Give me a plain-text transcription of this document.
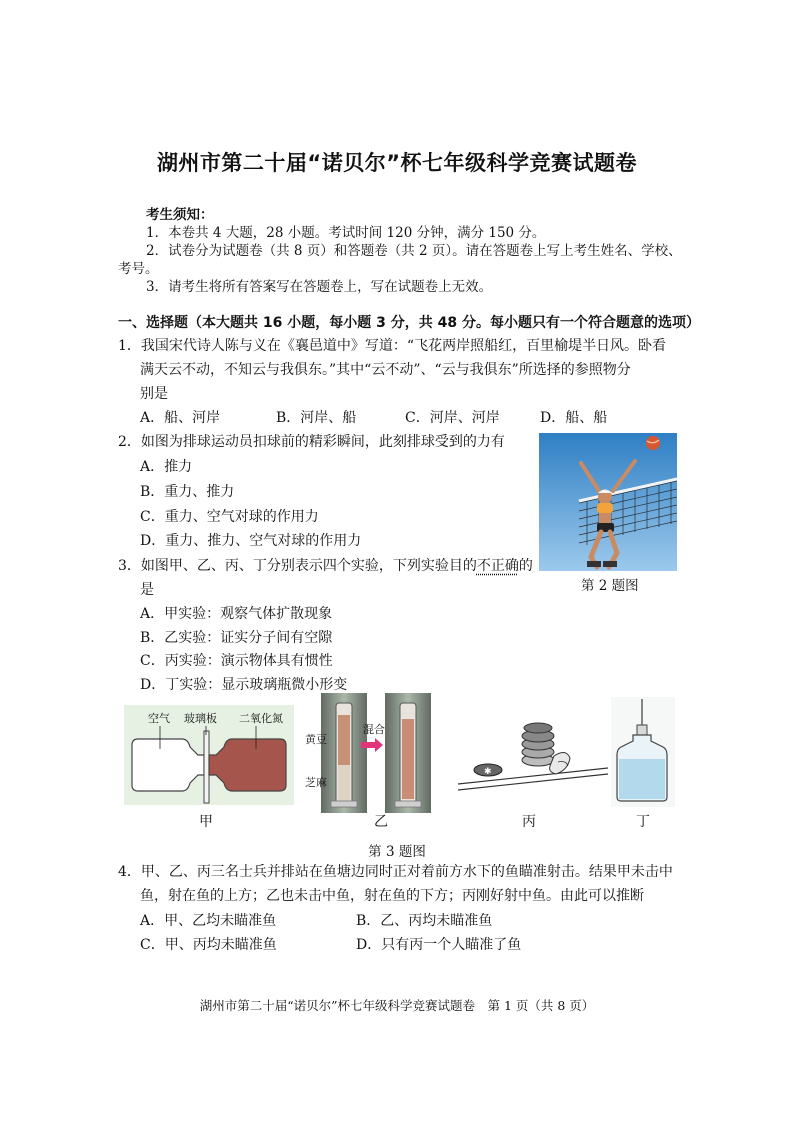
湖州市第二十届“诺贝尔”杯七年级科学竞赛试题卷
考生须知：
1．本卷共 4 大题，28 小题。考试时间 120 分钟，满分 150 分。
2．试卷分为试题卷（共 8 页）和答题卷（共 2 页）。请在答题卷上写上考生姓名、学校、
考号。
3．请考生将所有答案写在答题卷上，写在试题卷上无效。
一、选择题（本大题共 16 小题，每小题 3 分，共 48 分。每小题只有一个符合题意的选项）
1．我国宋代诗人陈与义在《襄邑道中》写道：“飞花两岸照船红，百里榆堤半日风。卧看
满天云不动，不知云与我俱东。”其中“云不动”、“云与我俱东”所选择的参照物分
别是
A．船、河岸	B．河岸、船	C．河岸、河岸	D．船、船
2．如图为排球运动员扣球前的精彩瞬间，此刻排球受到的力有
A．推力
B．重力、推力
C．重力、空气对球的作用力
D．重力、推力、空气对球的作用力
第 2 题图
3．如图甲、乙、丙、丁分别表示四个实验，下列实验目的不正确的
是
A．甲实验：观察气体扩散现象
B．乙实验：证实分子间有空隙
C．丙实验：演示物体具有惯性
D．丁实验：显示玻璃瓶微小形变
空气 玻璃板 二氧化氮
黄豆
芝麻
混合
✱
甲	乙	丙	丁
第 3 题图
4．甲、乙、丙三名士兵并排站在鱼塘边同时正对着前方水下的鱼瞄准射击。结果甲未击中
鱼，射在鱼的上方；乙也未击中鱼，射在鱼的下方；丙刚好射中鱼。由此可以推断
A．甲、乙均未瞄准鱼	B．乙、丙均未瞄准鱼
C．甲、丙均未瞄准鱼	D．只有丙一个人瞄准了鱼
湖州市第二十届“诺贝尔”杯七年级科学竞赛试题卷　第 1 页（共 8 页）
